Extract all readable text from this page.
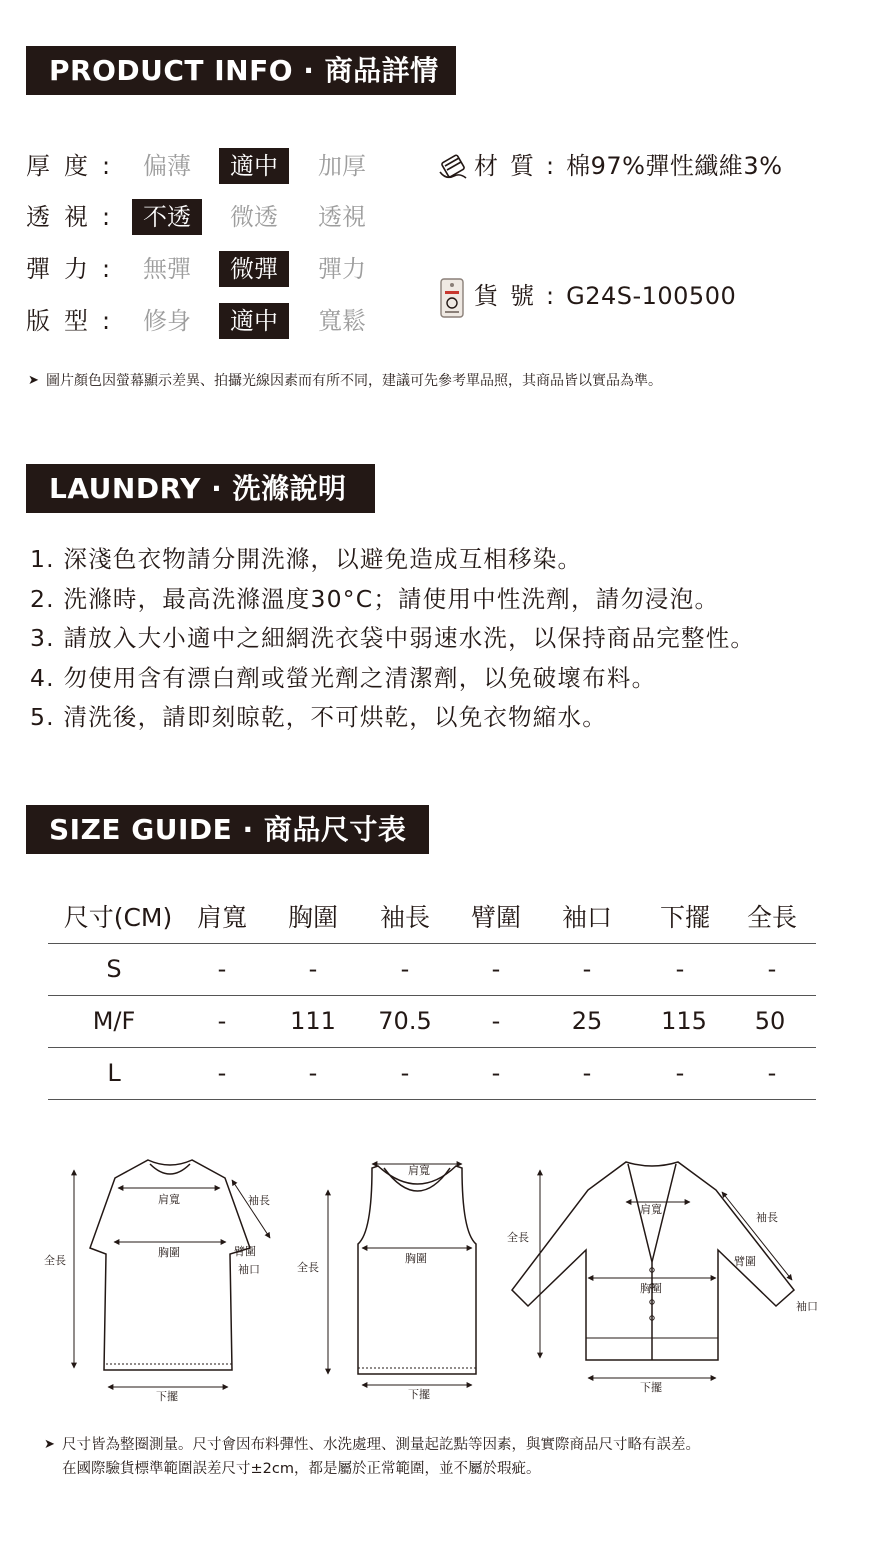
PRODUCT INFO · 商品詳情
厚度: 偏薄	適中	加厚
透視: 不透	微透	透視
彈力: 無彈	微彈	彈力
版型: 修身	適中	寬鬆
材質:棉97%彈性纖維3%
貨號:G24S-100500
➤ 圖片顏色因螢幕顯示差異、拍攝光線因素而有所不同，建議可先參考單品照，其商品皆以實品為準。
LAUNDRY · 洗滌說明
1. 深淺色衣物請分開洗滌，以避免造成互相移染。
2. 洗滌時，最高洗滌溫度30°C；請使用中性洗劑，請勿浸泡。
3. 請放入大小適中之細網洗衣袋中弱速水洗，以保持商品完整性。
4. 勿使用含有漂白劑或螢光劑之清潔劑，以免破壞布料。
5. 清洗後，請即刻晾乾，不可烘乾，以免衣物縮水。
SIZE GUIDE · 商品尺寸表
尺寸(CM) 肩寬 胸圍 袖長 臂圍 袖口 下擺 全長
S	-	-	-	-	-	-	-
M/F	-	111 70.5 -	25 115 50
L	-	-	-	-	-	-	-
肩寬
胸圍
全長
袖長
臂圍
袖口
下擺
肩寬
胸圍
全長
下擺
肩寬
胸圍
全長
袖長
臂圍
袖口
下擺
➤ 尺寸皆為整圈測量。尺寸會因布料彈性、水洗處理、測量起訖點等因素，與實際商品尺寸略有誤差。
在國際驗貨標準範圍誤差尺寸±2cm，都是屬於正常範圍，並不屬於瑕疵。
